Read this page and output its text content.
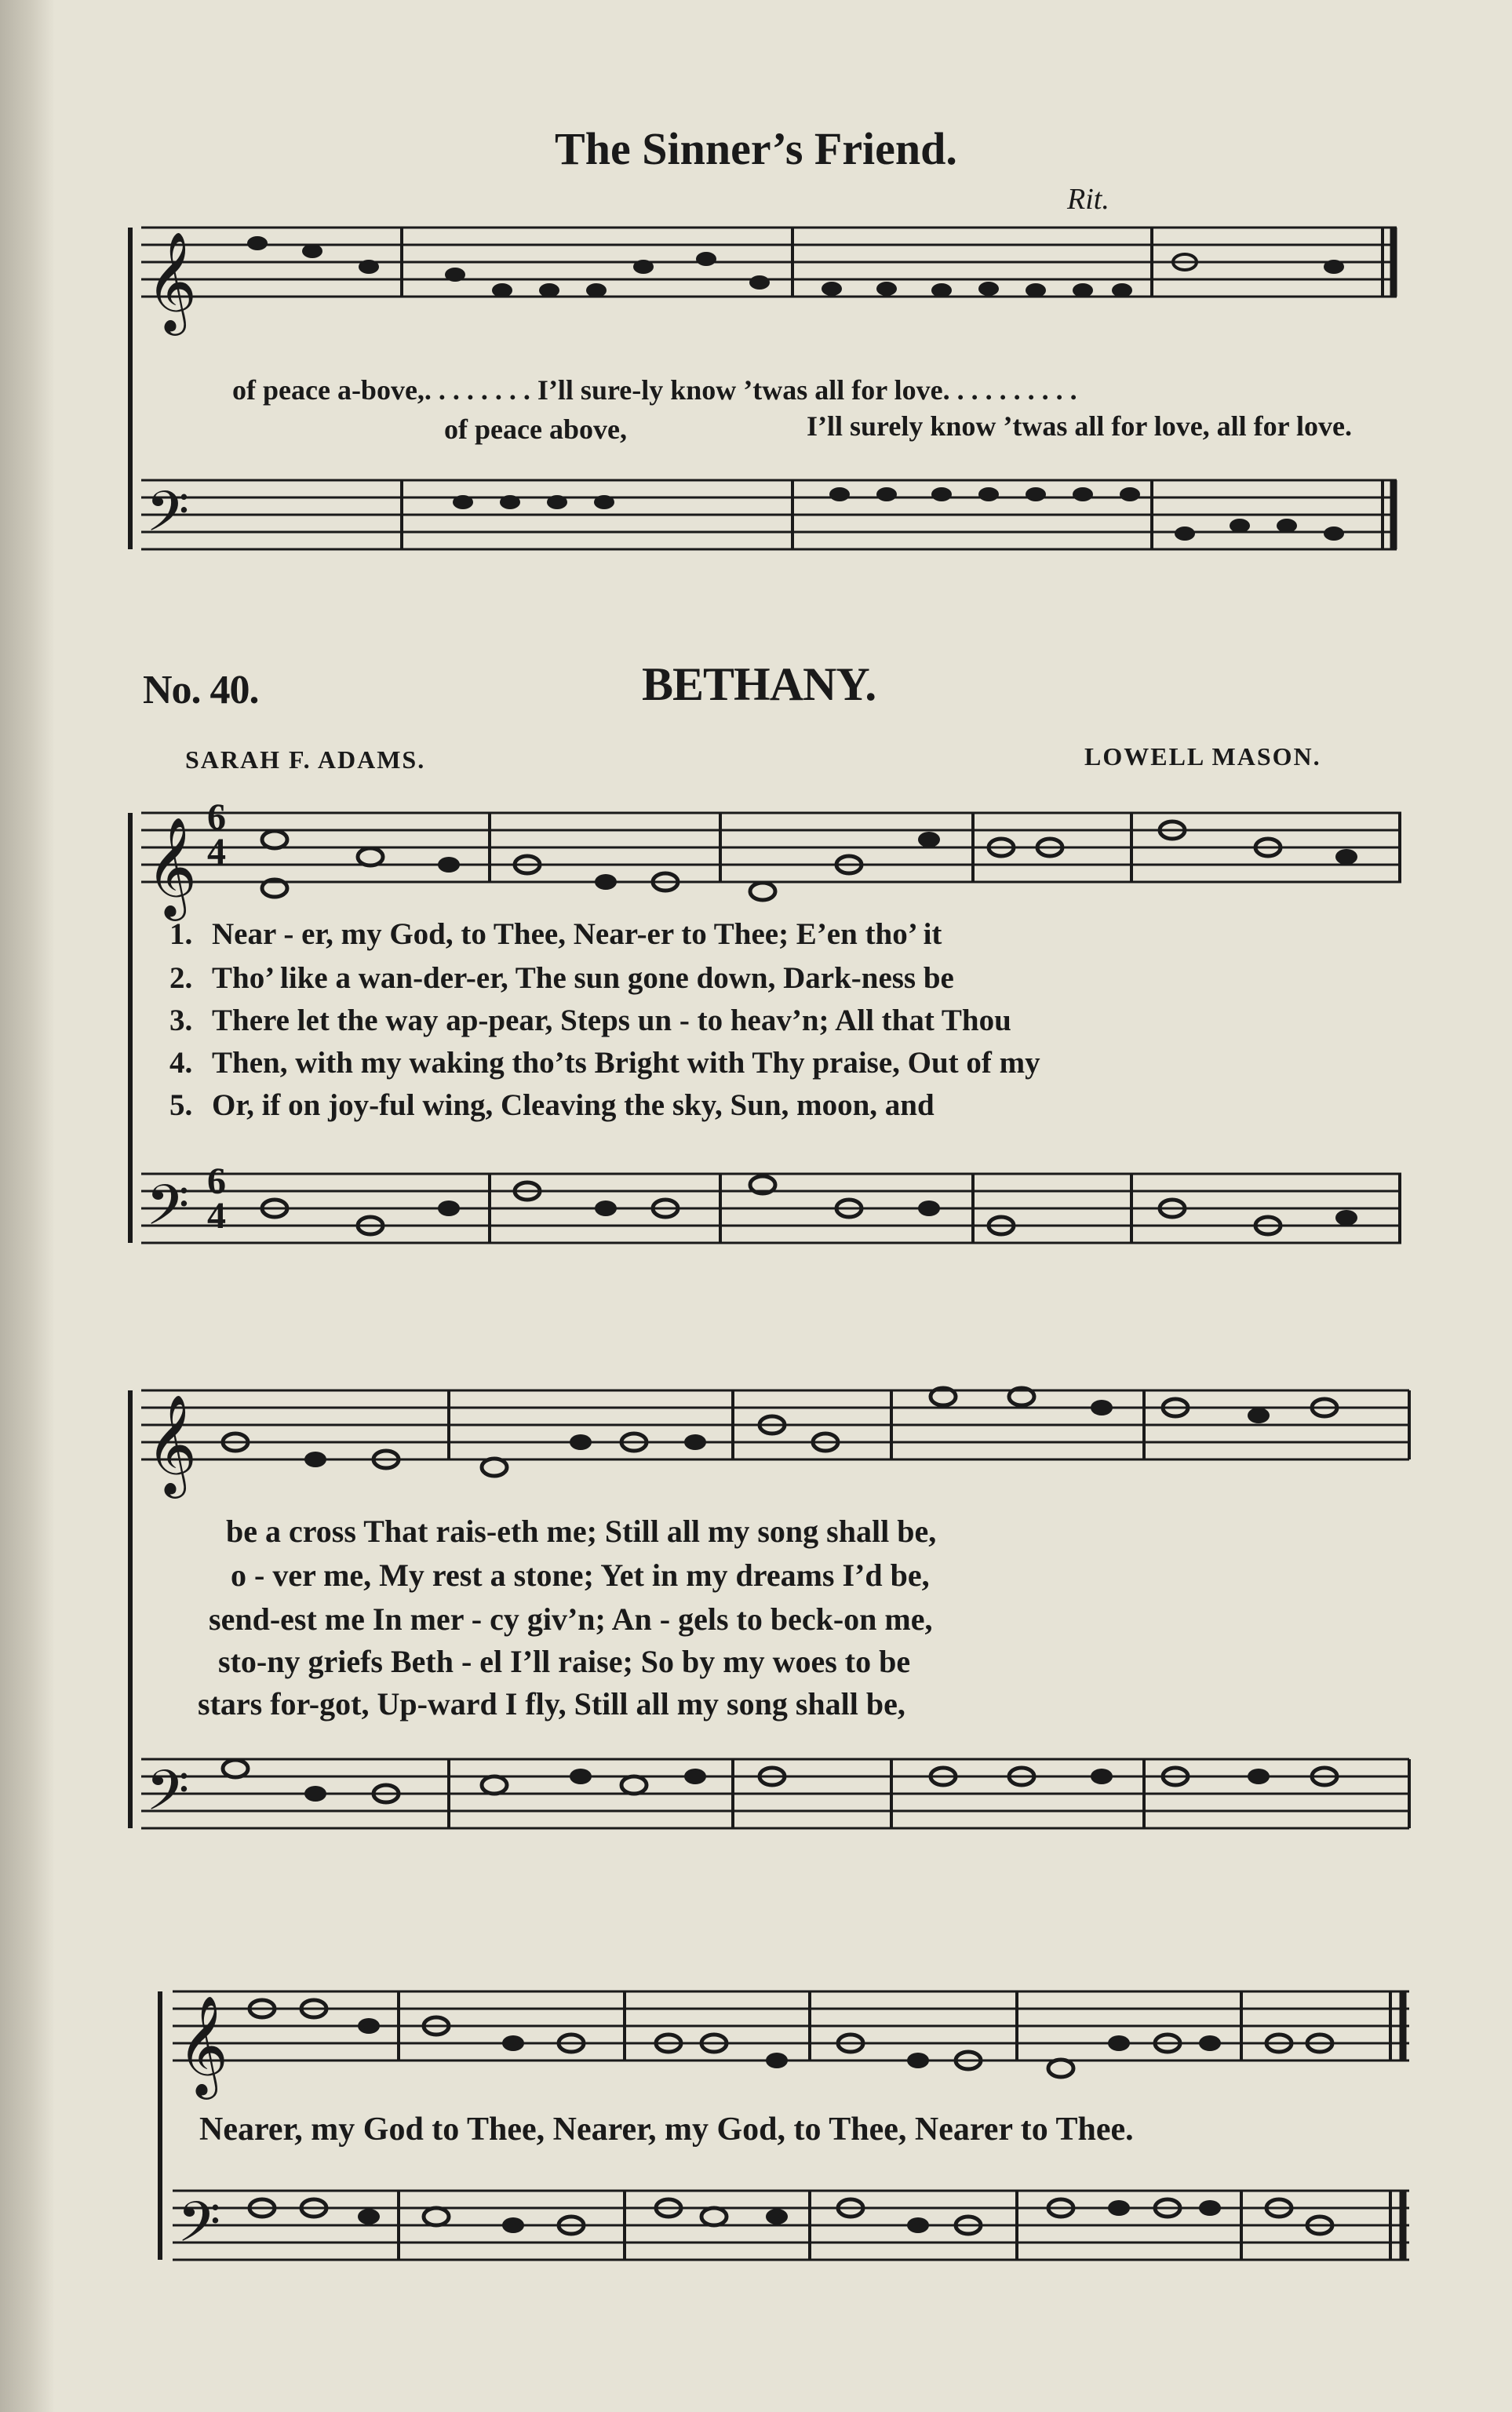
𝄞
𝄢
𝄞
𝄢
𝄞
𝄢
𝄞
𝄢
6
4
6
4
The Sinner’s Friend.
Rit.
of peace a-bove,. . . . . . . . I’ll sure-ly know ’twas all for love. . . . . . . . . .
of peace above,	I’ll surely know ’twas all for love, all for love.
No. 40.	BETHANY.
SARAH F. ADAMS.	LOWELL MASON.
1. Near - er, my God, to Thee, Near-er to Thee; E’en tho’ it
2. Tho’ like a wan-der-er, The sun gone down, Dark-ness be
3. There let the way ap-pear, Steps un - to heav’n; All that Thou
4. Then, with my waking tho’ts Bright with Thy praise, Out of my
5. Or, if on joy-ful wing, Cleaving the sky, Sun, moon, and
be a cross That rais-eth me; Still all my song shall be,
o - ver me, My rest a stone; Yet in my dreams I’d be,
send-est me In mer - cy giv’n; An - gels to beck-on me,
sto-ny griefs Beth - el I’ll raise; So by my woes to be
stars for-got, Up-ward I fly, Still all my song shall be,
Nearer, my God to Thee, Nearer, my God, to Thee, Nearer to Thee.
